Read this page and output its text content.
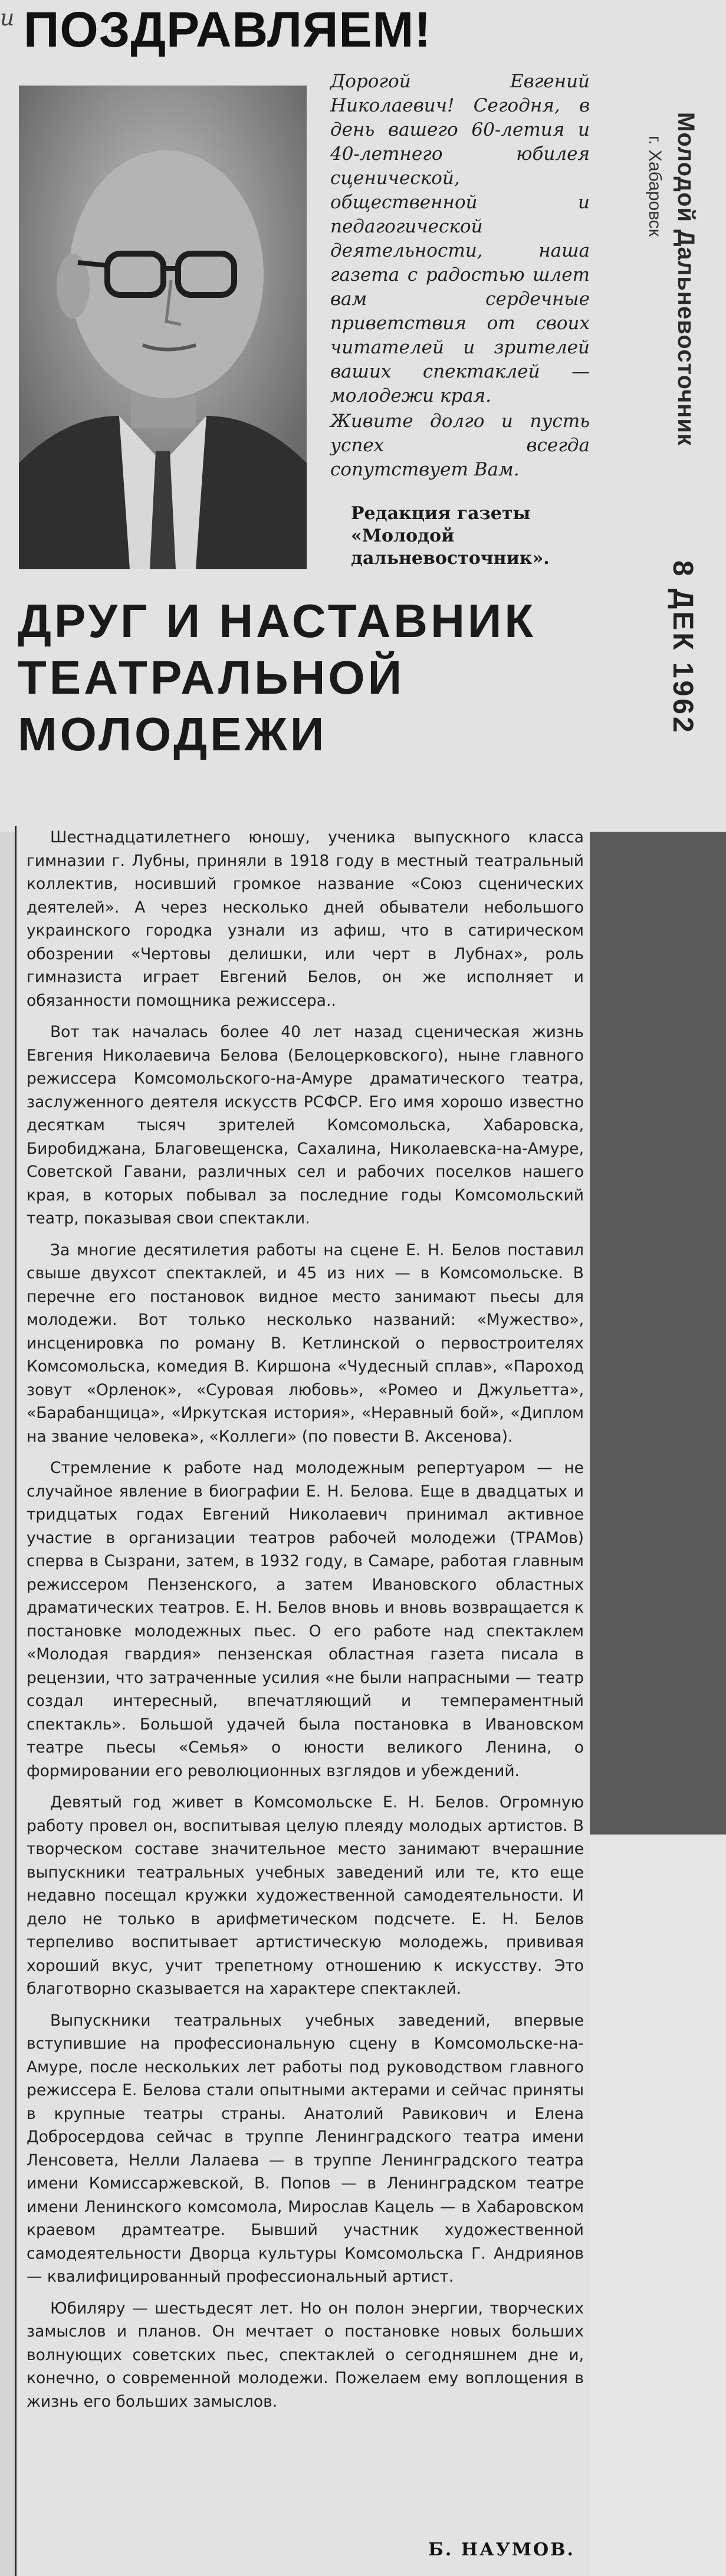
и ПОЗДРАВЛЯЕМ!

Дорогой Евгений Николаевич! Сегодня, в день вашего 60-летия и 40-летнего юбилея сценической, общественной и педагогической деятельности, наша газета с радостью шлет вам сердечные приветствия от своих читателей и зрителей ваших спектаклей — молодежи края.

Живите долго и пусть успех всегда сопутствует Вам.

Редакция газеты «Молодой дальневосточник».
ДРУГ И НАСТАВНИК
ТЕАТРАЛЬНОЙ
МОЛОДЕЖИ
Молодой Дальневосточник
г. Хабаровск
8 ДЕК 1962

Шестнадцатилетнего юношу, ученика выпускного класса гимназии г. Лубны, приняли в 1918 году в местный театральный коллектив, носивший громкое название «Союз сценических деятелей». А через несколько дней обыватели небольшого украинского городка узнали из афиш, что в сатирическом обозрении «Чертовы делишки, или черт в Лубнах», роль гимназиста играет Евгений Белов, он же исполняет и обязанности помощника режиссера..

Вот так началась более 40 лет назад сценическая жизнь Евгения Николаевича Белова (Белоцерковского), ныне главного режиссера Комсомольского-на-Амуре драматического театра, заслуженного деятеля искусств РСФСР. Его имя хорошо известно десяткам тысяч зрителей Комсомольска, Хабаровска, Биробиджана, Благовещенска, Сахалина, Николаевска-на-Амуре, Советской Гавани, различных сел и рабочих поселков нашего края, в которых побывал за последние годы Комсомольский театр, показывая свои спектакли.

За многие десятилетия работы на сцене Е. Н. Белов поставил свыше двухсот спектаклей, и 45 из них — в Комсомольске. В перечне его постановок видное место занимают пьесы для молодежи. Вот только несколько названий: «Мужество», инсценировка по роману В. Кетлинской о первостроителях Комсомольска, комедия В. Киршона «Чудесный сплав», «Пароход зовут «Орленок», «Суровая любовь», «Ромео и Джульетта», «Барабанщица», «Иркутская история», «Неравный бой», «Диплом на звание человека», «Коллеги» (по повести В. Аксенова).

Стремление к работе над молодежным репертуаром — не случайное явление в биографии Е. Н. Белова. Еще в двадцатых и тридцатых годах Евгений Николаевич принимал активное участие в организации театров рабочей молодежи (ТРАМов) сперва в Сызрани, затем, в 1932 году, в Самаре, работая главным режиссером Пензенского, а затем Ивановского областных драматических театров. Е. Н. Белов вновь и вновь возвращается к постановке молодежных пьес. О его работе над спектаклем «Молодая гвардия» пензенская областная газета писала в рецензии, что затраченные усилия «не были напрасными — театр создал интересный, впечатляющий и темпераментный спектакль». Большой удачей была постановка в Ивановском театре пьесы «Семья» о юности великого Ленина, о формировании его революционных взглядов и убеждений.

Девятый год живет в Комсомольске Е. Н. Белов. Огромную работу провел он, воспитывая целую плеяду молодых артистов. В творческом составе значительное место занимают вчерашние выпускники театральных учебных заведений или те, кто еще недавно посещал кружки художественной самодеятельности. И дело не только в арифметическом подсчете. Е. Н. Белов терпеливо воспитывает артистическую молодежь, прививая хороший вкус, учит трепетному отношению к искусству. Это благотворно сказывается на характере спектаклей.

Выпускники театральных учебных заведений, впервые вступившие на профессиональную сцену в Комсомольске-на-Амуре, после нескольких лет работы под руководством главного режиссера Е. Белова стали опытными актерами и сейчас приняты в крупные театры страны. Анатолий Равикович и Елена Добросердова сейчас в труппе Ленинградского театра имени Ленсовета, Нелли Лалаева — в труппе Ленинградского театра имени Комиссаржевской, В. Попов — в Ленинградском театре имени Ленинского комсомола, Мирослав Кацель — в Хабаровском краевом драмтеатре. Бывший участник художественной самодеятельности Дворца культуры Комсомольска Г. Андриянов — квалифицированный профессиональный артист.

Юбиляру — шестьдесят лет. Но он полон энергии, творческих замыслов и планов. Он мечтает о постановке новых больших волнующих советских пьес, спектаклей о сегодняшнем дне и, конечно, о современной молодежи. Пожелаем ему воплощения в жизнь его больших замыслов.

Б. НАУМОВ.
